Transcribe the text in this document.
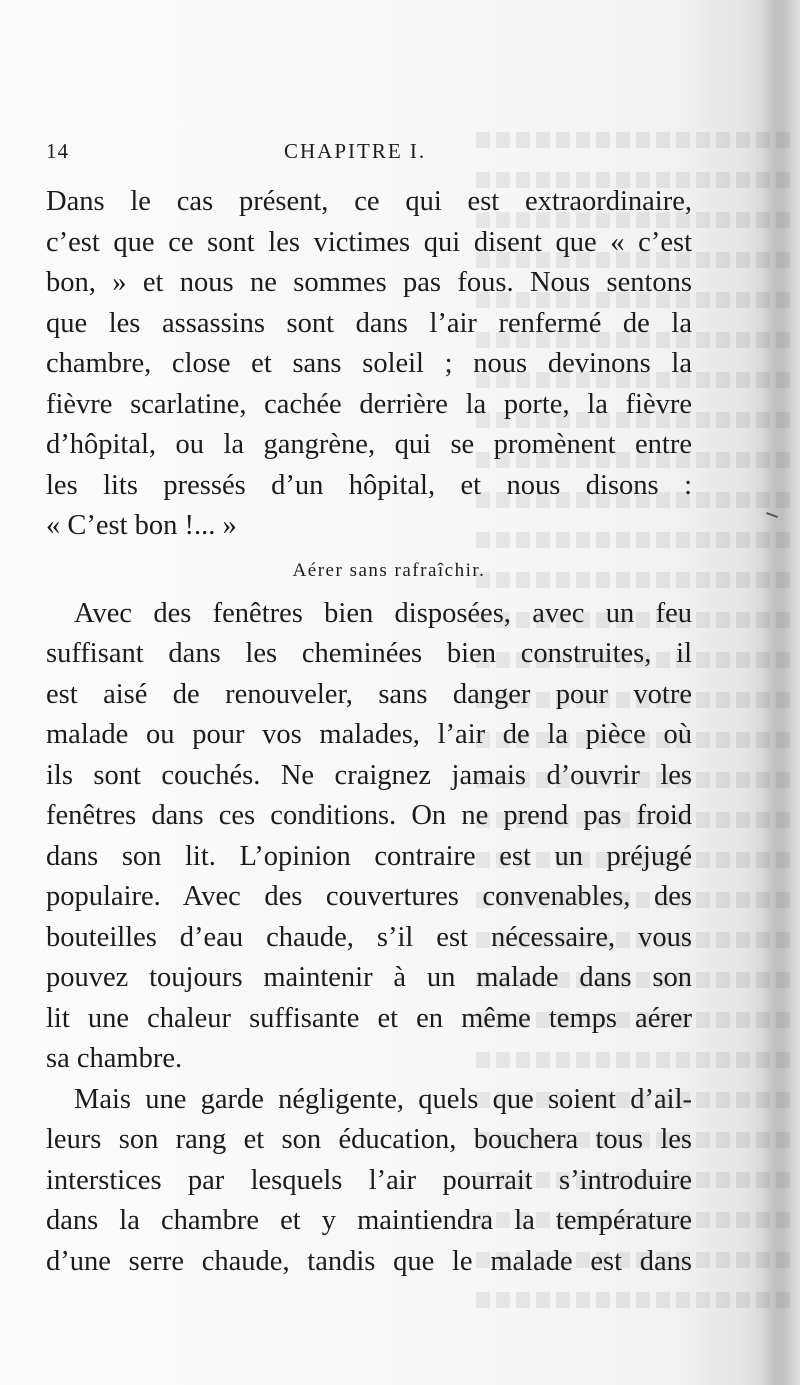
14	CHAPITRE I.
Dans le cas présent, ce qui est extraordinaire,
c’est que ce sont les victimes qui disent que « c’est
bon, » et nous ne sommes pas fous. Nous sentons
que les assassins sont dans l’air renfermé de la
chambre, close et sans soleil ; nous devinons la
fièvre scarlatine, cachée derrière la porte, la fièvre
d’hôpital, ou la gangrène, qui se promènent entre
les lits pressés d’un hôpital, et nous disons :
« C’est bon !... »
Aérer sans rafraîchir.
Avec des fenêtres bien disposées, avec un feu
suffisant dans les cheminées bien construites, il
est aisé de renouveler, sans danger pour votre
malade ou pour vos malades, l’air de la pièce où
ils sont couchés. Ne craignez jamais d’ouvrir les
fenêtres dans ces conditions. On ne prend pas froid
dans son lit. L’opinion contraire est un préjugé
populaire. Avec des couvertures convenables, des
bouteilles d’eau chaude, s’il est nécessaire, vous
pouvez toujours maintenir à un malade dans son
lit une chaleur suffisante et en même temps aérer
sa chambre.
Mais une garde négligente, quels que soient d’ail-
leurs son rang et son éducation, bouchera tous les
interstices par lesquels l’air pourrait s’introduire
dans la chambre et y maintiendra la température
d’une serre chaude, tandis que le malade est dans
